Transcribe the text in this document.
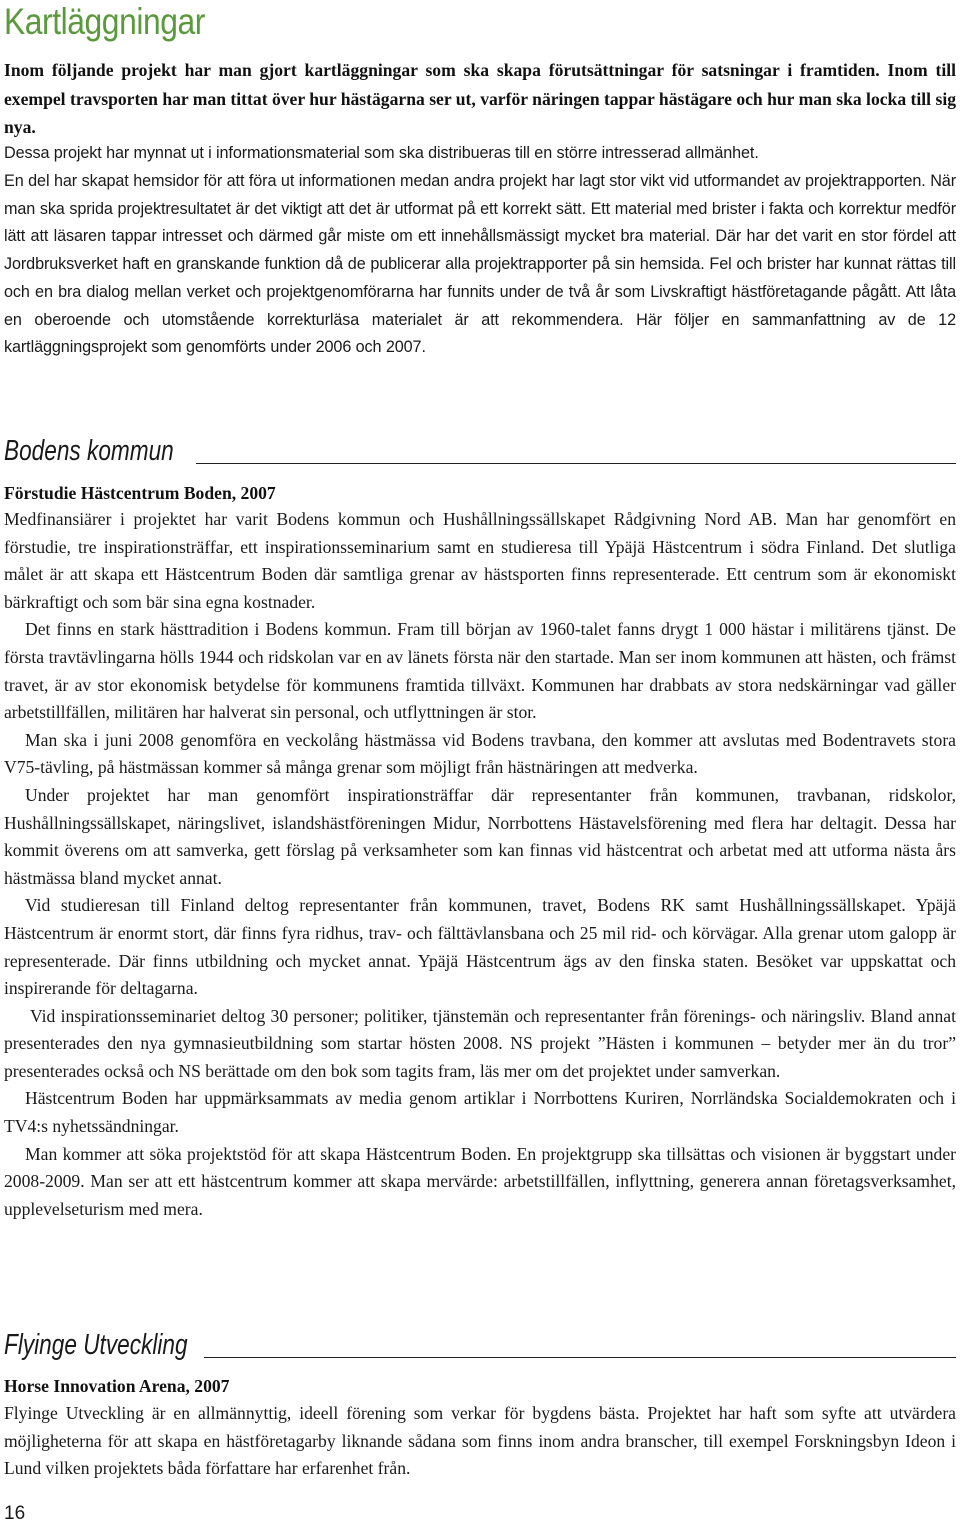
Kartläggningar

Inom följande projekt har man gjort kartläggningar som ska skapa förutsättningar för satsningar i framtiden. Inom till exempel travsporten har man tittat över hur hästägarna ser ut, varför näringen tappar hästägare och hur man ska locka till sig nya.

Dessa projekt har mynnat ut i informationsmaterial som ska distribueras till en större intresserad allmänhet.

En del har skapat hemsidor för att föra ut informationen medan andra projekt har lagt stor vikt vid utformandet av projektrapporten. När man ska sprida projektresultatet är det viktigt att det är utformat på ett korrekt sätt. Ett material med brister i fakta och korrektur medför lätt att läsaren tappar intresset och därmed går miste om ett innehållsmässigt mycket bra material. Där har det varit en stor fördel att Jordbruksverket haft en granskande funktion då de publicerar alla projektrapporter på sin hemsida. Fel och brister har kunnat rättas till och en bra dialog mellan verket och projektgenomförarna har funnits under de två år som Livskraftigt hästföretagande pågått. Att låta en oberoende och utomstående korrekturläsa materialet är att rekommendera. Här följer en sammanfattning av de 12 kartläggningsprojekt som genomförts under 2006 och 2007.

Bodens kommun

Förstudie Hästcentrum Boden, 2007

Medfinansiärer i projektet har varit Bodens kommun och Hushållningssällskapet Rådgivning Nord AB. Man har genomfört en förstudie, tre inspirationsträffar, ett inspirationsseminarium samt en studieresa till Ypäjä Hästcentrum i södra Finland. Det slutliga målet är att skapa ett Hästcentrum Boden där samtliga grenar av hästsporten finns representerade. Ett centrum som är ekonomiskt bärkraftigt och som bär sina egna kostnader.

Det finns en stark hästtradition i Bodens kommun. Fram till början av 1960-talet fanns drygt 1 000 hästar i militärens tjänst. De första travtävlingarna hölls 1944 och ridskolan var en av länets första när den startade. Man ser inom kommunen att hästen, och främst travet, är av stor ekonomisk betydelse för kommunens framtida tillväxt. Kommunen har drabbats av stora nedskärningar vad gäller arbetstillfällen, militären har halverat sin personal, och utflyttningen är stor.

Man ska i juni 2008 genomföra en veckolång hästmässa vid Bodens travbana, den kommer att avslutas med Bodentravets stora V75-tävling, på hästmässan kommer så många grenar som möjligt från hästnäringen att medverka.

Under projektet har man genomfört inspirationsträffar där representanter från kommunen, travbanan, ridskolor, Hushållningssällskapet, näringslivet, islandshästföreningen Midur, Norrbottens Hästavelsförening med flera har deltagit. Dessa har kommit överens om att samverka, gett förslag på verksamheter som kan finnas vid hästcentrat och arbetat med att utforma nästa års hästmässa bland mycket annat.

Vid studieresan till Finland deltog representanter från kommunen, travet, Bodens RK samt Hushållningssällskapet. Ypäjä Hästcentrum är enormt stort, där finns fyra ridhus, trav- och fälttävlansbana och 25 mil rid- och körvägar. Alla grenar utom galopp är representerade. Där finns utbildning och mycket annat. Ypäjä Hästcentrum ägs av den finska staten. Besöket var uppskattat och inspirerande för deltagarna.

Vid inspirationsseminariet deltog 30 personer; politiker, tjänstemän och representanter från förenings- och näringsliv. Bland annat presenterades den nya gymnasieutbildning som startar hösten 2008. NS projekt ”Hästen i kommunen – betyder mer än du tror” presenterades också och NS berättade om den bok som tagits fram, läs mer om det projektet under samverkan.

Hästcentrum Boden har uppmärksammats av media genom artiklar i Norrbottens Kuriren, Norrländska Socialdemokraten och i TV4:s nyhetssändningar.

Man kommer att söka projektstöd för att skapa Hästcentrum Boden. En projektgrupp ska tillsättas och visionen är byggstart under 2008-2009. Man ser att ett hästcentrum kommer att skapa mervärde: arbetstillfällen, inflyttning, generera annan företagsverksamhet, upplevelseturism med mera.

Flyinge Utveckling

Horse Innovation Arena, 2007

Flyinge Utveckling är en allmännyttig, ideell förening som verkar för bygdens bästa. Projektet har haft som syfte att utvärdera möjligheterna för att skapa en hästföretagarby liknande sådana som finns inom andra branscher, till exempel Forskningsbyn Ideon i Lund vilken projektets båda författare har erfarenhet från.

16
